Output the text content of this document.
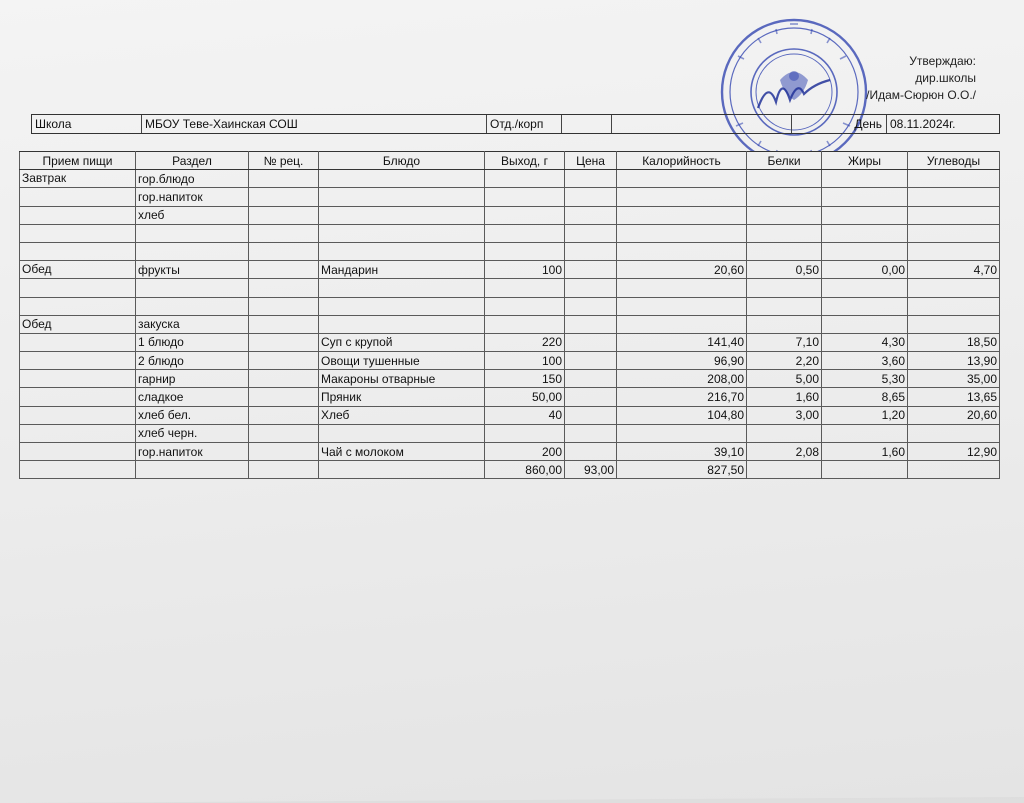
Утверждаю:
дир.школы
/Идам-Сюрюн О.О./
Школа	МБОУ Теве-Хаинская СОШ	Отд./корп	День 08.11.2024г.
Прием пищи	Раздел	№ рец.	Блюдо	Выход, г	Цена	Калорийность	Белки	Жиры	Углеводы
Завтрак	гор.блюдо								
	гор.напиток								
	хлеб								

Обед	фрукты		Мандарин	100		20,60	0,50	0,00	4,70

Обед	закуска								
	1 блюдо		Суп с крупой	220		141,40	7,10	4,30	18,50
	2 блюдо		Овощи тушенные	100		96,90	2,20	3,60	13,90
	гарнир		Макароны отварные	150		208,00	5,00	5,30	35,00
	сладкое		Пряник	50,00		216,70	1,60	8,65	13,65
	хлеб бел.		Хлеб	40		104,80	3,00	1,20	20,60
	хлеб черн.								
	гор.напиток		Чай с молоком	200		39,10	2,08	1,60	12,90
				860,00	93,00	827,50			
